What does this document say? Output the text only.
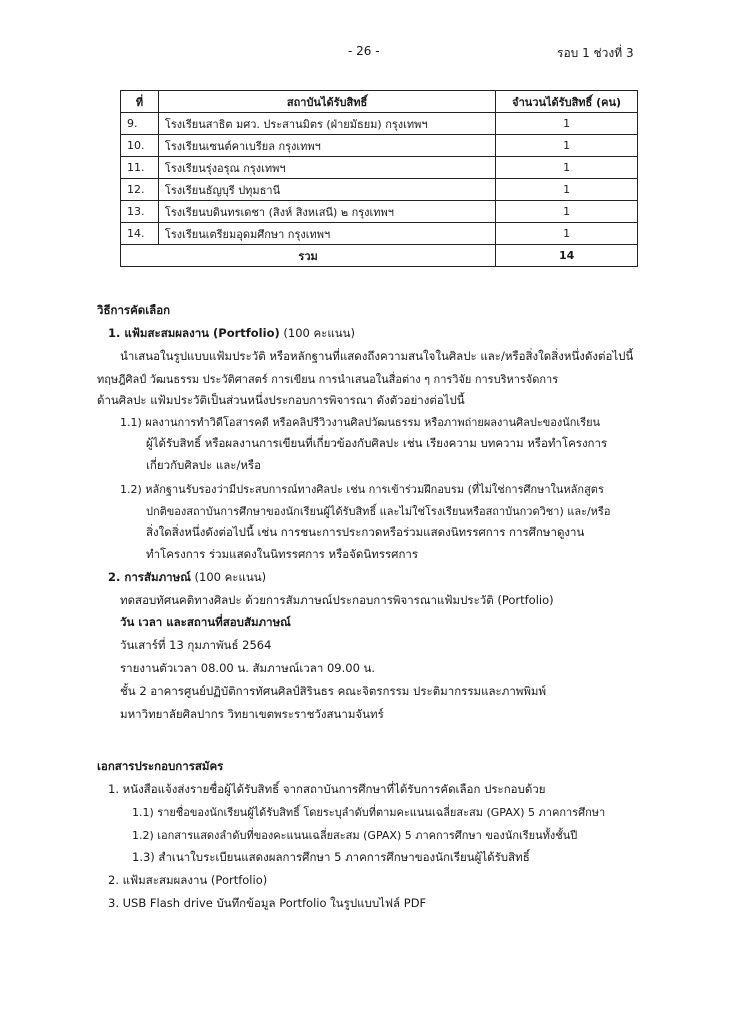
- 26 -	รอบ 1 ช่วงที่ 3
ที่	สถาบันได้รับสิทธิ์	จำนวนได้รับสิทธิ์ (คน)
9.	โรงเรียนสาธิต มศว. ประสานมิตร (ฝ่ายมัธยม) กรุงเทพฯ	1
10.	โรงเรียนเซนต์คาเบรียล กรุงเทพฯ	1
11.	โรงเรียนรุ่งอรุณ กรุงเทพฯ	1
12.	โรงเรียนธัญบุรี ปทุมธานี	1
13.	โรงเรียนบดินทรเดชา (สิงห์ สิงหเสนี) ๒ กรุงเทพฯ	1
14.	โรงเรียนเตรียมอุดมศึกษา กรุงเทพฯ	1
รวม		14
วิธีการคัดเลือก
1. แฟ้มสะสมผลงาน (Portfolio) (100 คะแนน)
นำเสนอในรูปแบบแฟ้มประวัติ หรือหลักฐานที่แสดงถึงความสนใจในศิลปะ และ/หรือสิ่งใดสิ่งหนึ่งดังต่อไปนี้
ทฤษฎีศิลป์ วัฒนธรรม ประวัติศาสตร์ การเขียน การนำเสนอในสื่อต่าง ๆ การวิจัย การบริหารจัดการ
ด้านศิลปะ แฟ้มประวัติเป็นส่วนหนึ่งประกอบการพิจารณา ดังตัวอย่างต่อไปนี้
1.1) ผลงานการทำวิดีโอสารคดี หรือคลิปรีวิวงานศิลปวัฒนธรรม หรือภาพถ่ายผลงานศิลปะของนักเรียน
ผู้ได้รับสิทธิ์ หรือผลงานการเขียนที่เกี่ยวข้องกับศิลปะ เช่น เรียงความ บทความ หรือทำโครงการ
เกี่ยวกับศิลปะ และ/หรือ
1.2) หลักฐานรับรองว่ามีประสบการณ์ทางศิลปะ เช่น การเข้าร่วมฝึกอบรม (ที่ไม่ใช่การศึกษาในหลักสูตร
ปกติของสถาบันการศึกษาของนักเรียนผู้ได้รับสิทธิ์ และไม่ใช่โรงเรียนหรือสถาบันกวดวิชา) และ/หรือ
สิ่งใดสิ่งหนึ่งดังต่อไปนี้ เช่น การชนะการประกวดหรือร่วมแสดงนิทรรศการ การศึกษาดูงาน
ทำโครงการ ร่วมแสดงในนิทรรศการ หรือจัดนิทรรศการ
2. การสัมภาษณ์ (100 คะแนน)
ทดสอบทัศนคติทางศิลปะ ด้วยการสัมภาษณ์ประกอบการพิจารณาแฟ้มประวัติ (Portfolio)
วัน เวลา และสถานที่สอบสัมภาษณ์
วันเสาร์ที่ 13 กุมภาพันธ์ 2564
รายงานตัวเวลา 08.00 น. สัมภาษณ์เวลา 09.00 น.
ชั้น 2 อาคารศูนย์ปฏิบัติการทัศนศิลป์สิรินธร คณะจิตรกรรม ประติมากรรมและภาพพิมพ์
มหาวิทยาลัยศิลปากร วิทยาเขตพระราชวังสนามจันทร์
เอกสารประกอบการสมัคร
1. หนังสือแจ้งส่งรายชื่อผู้ได้รับสิทธิ์ จากสถาบันการศึกษาที่ได้รับการคัดเลือก ประกอบด้วย
1.1) รายชื่อของนักเรียนผู้ได้รับสิทธิ์ โดยระบุลำดับที่ตามคะแนนเฉลี่ยสะสม (GPAX) 5 ภาคการศึกษา
1.2) เอกสารแสดงลำดับที่ของคะแนนเฉลี่ยสะสม (GPAX) 5 ภาคการศึกษา ของนักเรียนทั้งชั้นปี
1.3) สำเนาใบระเบียนแสดงผลการศึกษา 5 ภาคการศึกษาของนักเรียนผู้ได้รับสิทธิ์
2. แฟ้มสะสมผลงาน (Portfolio)
3. USB Flash drive บันทึกข้อมูล Portfolio ในรูปแบบไฟล์ PDF
